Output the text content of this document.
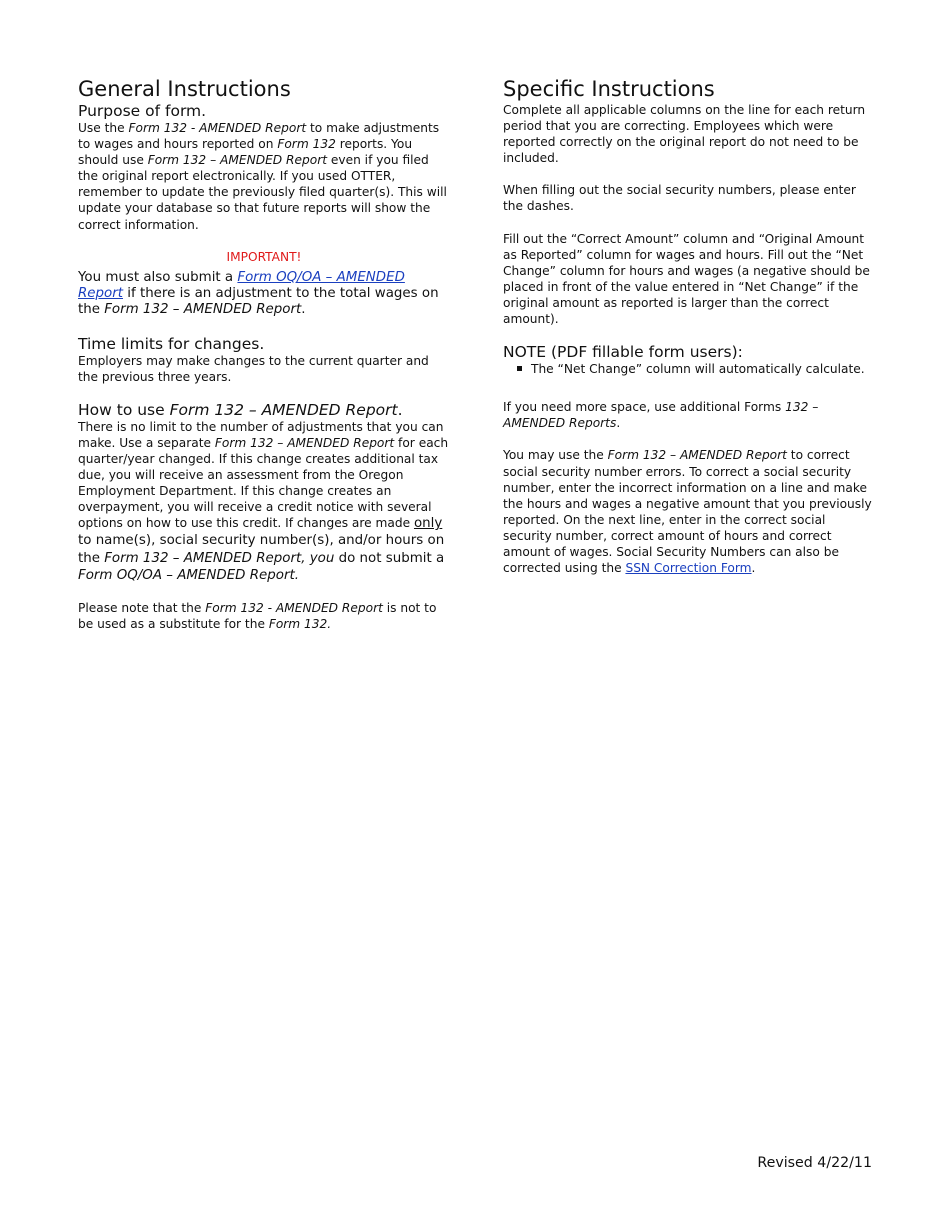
General Instructions
Purpose of form.

Use the Form 132 - AMENDED Report to make adjustments to wages and hours reported on Form 132 reports. You should use Form 132 – AMENDED Report even if you filed the original report electronically. If you used OTTER, remember to update the previously filed quarter(s). This will update your database so that future reports will show the correct information.

IMPORTANT!

You must also submit a Form OQ/OA – AMENDED Report if there is an adjustment to the total wages on the Form 132 – AMENDED Report.

Time limits for changes.

Employers may make changes to the current quarter and the previous three years.

How to use Form 132 – AMENDED Report.

There is no limit to the number of adjustments that you can make. Use a separate Form 132 – AMENDED Report for each quarter/year changed. If this change creates additional tax due, you will receive an assessment from the Oregon Employment Department. If this change creates an overpayment, you will receive a credit notice with several options on how to use this credit. If changes are made only to name(s), social security number(s), and/or hours on the Form 132 – AMENDED Report, you do not submit a Form OQ/OA – AMENDED Report.

Please note that the Form 132 - AMENDED Report is not to be used as a substitute for the Form 132.

Specific Instructions

Complete all applicable columns on the line for each return period that you are correcting. Employees which were reported correctly on the original report do not need to be included.

When filling out the social security numbers, please enter the dashes.

Fill out the “Correct Amount” column and “Original Amount as Reported” column for wages and hours. Fill out the “Net Change” column for hours and wages (a negative should be placed in front of the value entered in “Net Change” if the original amount as reported is larger than the correct amount).

NOTE (PDF fillable form users):
The “Net Change” column will automatically calculate.

If you need more space, use additional Forms 132 – AMENDED Reports.

You may use the Form 132 – AMENDED Report to correct social security number errors. To correct a social security number, enter the incorrect information on a line and make the hours and wages a negative amount that you previously reported. On the next line, enter in the correct social security number, correct amount of hours and correct amount of wages. Social Security Numbers can also be corrected using the SSN Correction Form.

Revised 4/22/11
